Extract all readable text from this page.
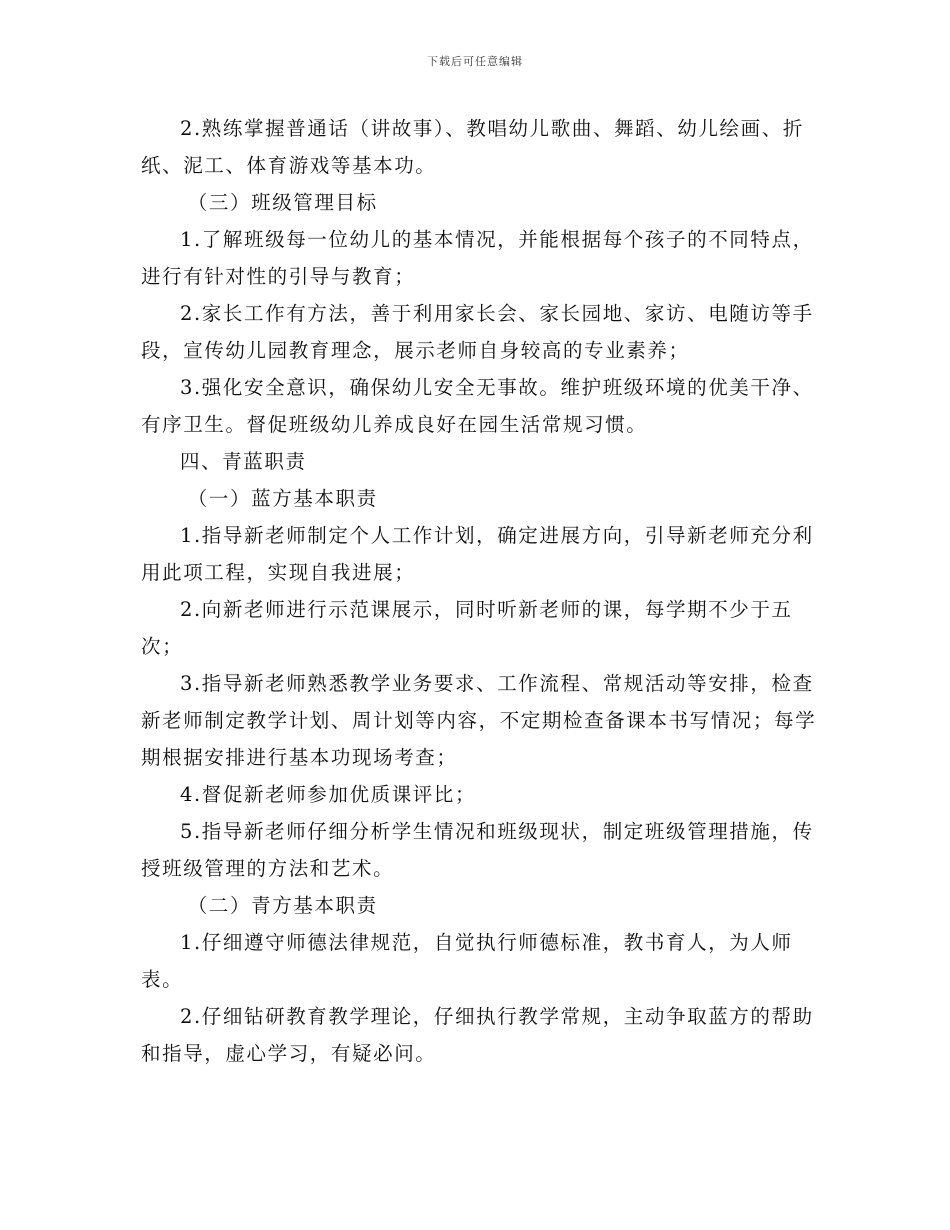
下载后可任意编辑

2.熟练掌握普通话（讲故事）、教唱幼儿歌曲、舞蹈、幼儿绘画、折纸、泥工、体育游戏等基本功。

（三）班级管理目标

1.了解班级每一位幼儿的基本情况，并能根据每个孩子的不同特点，进行有针对性的引导与教育；

2.家长工作有方法，善于利用家长会、家长园地、家访、电随访等手段，宣传幼儿园教育理念，展示老师自身较高的专业素养；

3.强化安全意识，确保幼儿安全无事故。维护班级环境的优美干净、有序卫生。督促班级幼儿养成良好在园生活常规习惯。

四、青蓝职责

（一）蓝方基本职责

1.指导新老师制定个人工作计划，确定进展方向，引导新老师充分利用此项工程，实现自我进展；

2.向新老师进行示范课展示，同时听新老师的课，每学期不少于五次；

3.指导新老师熟悉教学业务要求、工作流程、常规活动等安排，检查新老师制定教学计划、周计划等内容，不定期检查备课本书写情况；每学期根据安排进行基本功现场考查；

4.督促新老师参加优质课评比；

5.指导新老师仔细分析学生情况和班级现状，制定班级管理措施，传授班级管理的方法和艺术。

（二）青方基本职责

1.仔细遵守师德法律规范，自觉执行师德标准，教书育人，为人师表。

2.仔细钻研教育教学理论，仔细执行教学常规，主动争取蓝方的帮助和指导，虚心学习，有疑必问。
